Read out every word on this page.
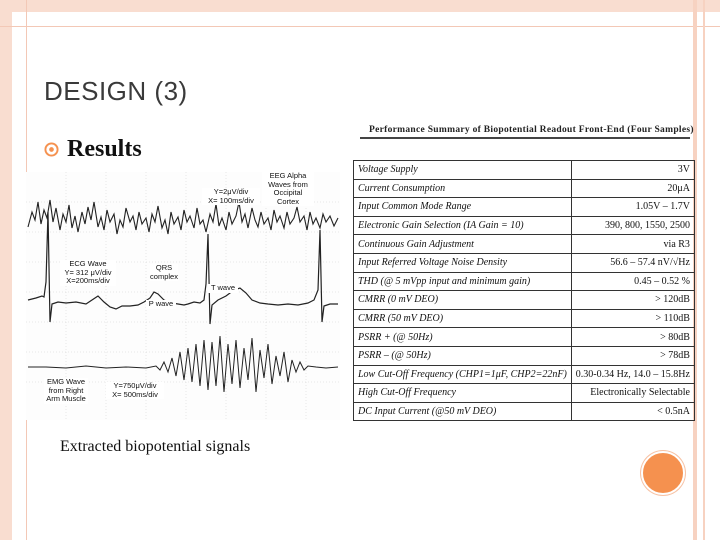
DESIGN (3)
Results
EEG Alpha
Waves from
Occipital
Cortex
Y=2μV/div
X= 100ms/div
ECG Wave
Y= 312 μV/div
X=200ms/div
QRS
complex
T wave
P wave
EMG Wave
from Right
Arm Muscle
Y=750μV/div
X= 500ms/div
Extracted biopotential signals
Performance Summary of Biopotential Readout Front-End (Four Samples)
Voltage Supply	3V
Current Consumption	20μA
Input Common Mode Range	1.05V – 1.7V
Electronic Gain Selection (IA Gain = 10)	390, 800, 1550, 2500
Continuous Gain Adjustment	via R3
Input Referred Voltage Noise Density	56.6 – 57.4 nV/√Hz
THD (@ 5 mVpp input and minimum gain)	0.45 – 0.52 %
CMRR (0 mV DEO)	> 120dB
CMRR (50 mV DEO)	> 110dB
PSRR + (@ 50Hz)	> 80dB
PSRR – (@ 50Hz)	> 78dB
Low Cut-Off Frequency (CHP1=1μF, CHP2=22nF)	0.30-0.34 Hz, 14.0 – 15.8Hz
High Cut-Off Frequency	Electronically Selectable
DC Input Current (@50 mV DEO)	< 0.5nA
